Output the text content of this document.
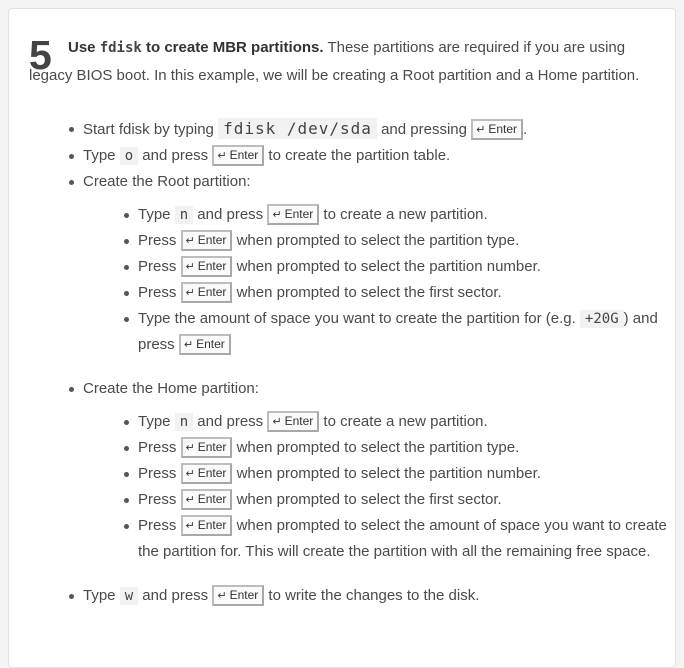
5	Use fdisk to create MBR partitions. These partitions are required if you are using legacy BIOS boot. In this example, we will be creating a Root partition and a Home partition.
Start fdisk by typing fdisk /dev/sda and pressing ↵ Enter .
Type o and press ↵ Enter to create the partition table.
Create the Root partition:
Type n and press ↵ Enter to create a new partition.
Press ↵ Enter when prompted to select the partition type.
Press ↵ Enter when prompted to select the partition number.
Press ↵ Enter when prompted to select the first sector.
Type the amount of space you want to create the partition for (e.g. +20G ) and press ↵ Enter
Create the Home partition:
Type n and press ↵ Enter to create a new partition.
Press ↵ Enter when prompted to select the partition type.
Press ↵ Enter when prompted to select the partition number.
Press ↵ Enter when prompted to select the first sector.
Press ↵ Enter when prompted to select the amount of space you want to create the partition for. This will create the partition with all the remaining free space.
Type w and press ↵ Enter to write the changes to the disk.
